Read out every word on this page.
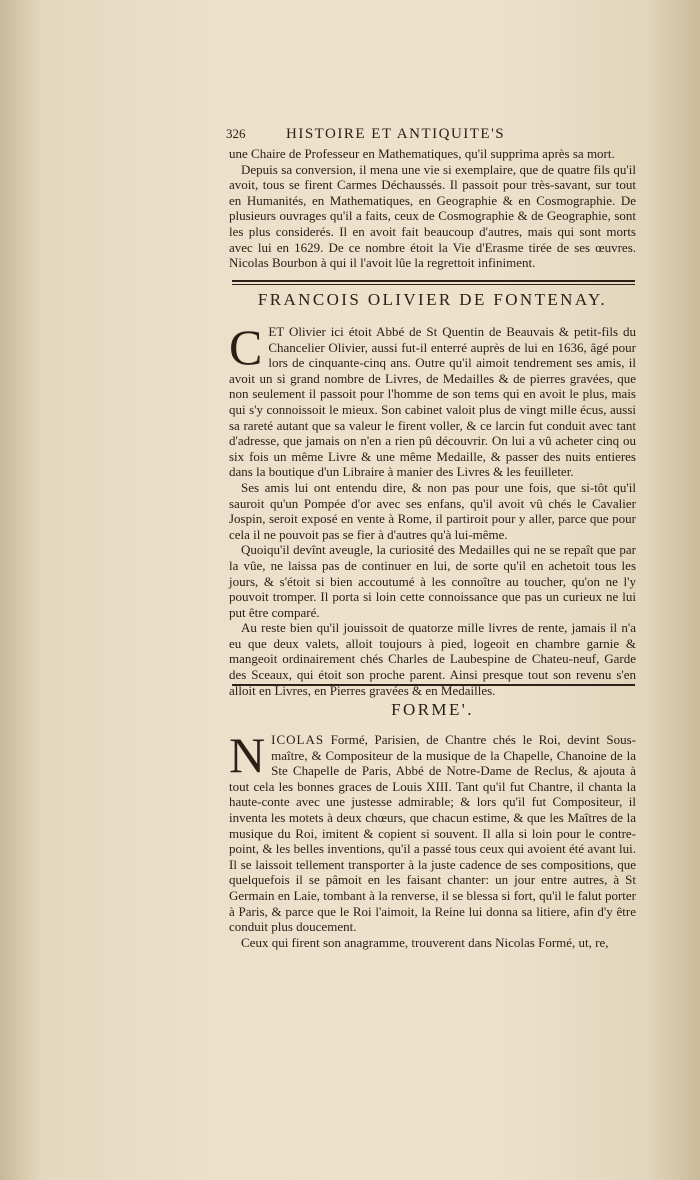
326	HISTOIRE ET ANTIQUITE'S

une Chaire de Professeur en Mathematiques, qu'il supprima après sa mort.

Depuis sa conversion, il mena une vie si exemplaire, que de quatre fils qu'il avoit, tous se firent Carmes Déchaussés. Il passoit pour très-savant, sur tout en Humanités, en Mathematiques, en Geographie & en Cosmographie. De plusieurs ouvrages qu'il a faits, ceux de Cosmographie & de Geographie, sont les plus considerés. Il en avoit fait beaucoup d'autres, mais qui sont morts avec lui en 1629. De ce nombre étoit la Vie d'Erasme tirée de ses œuvres. Nicolas Bourbon à qui il l'avoit lûe la regrettoit infiniment.

FRANCOIS OLIVIER DE FONTENAY.

CET Olivier ici étoit Abbé de St Quentin de Beauvais & petit-fils du Chancelier Olivier, aussi fut-il enterré auprès de lui en 1636, âgé pour lors de cinquante-cinq ans. Outre qu'il aimoit tendrement ses amis, il avoit un si grand nombre de Livres, de Medailles & de pierres gravées, que non seulement il passoit pour l'homme de son tems qui en avoit le plus, mais qui s'y connoissoit le mieux. Son cabinet valoit plus de vingt mille écus, aussi sa rareté autant que sa valeur le firent voller, & ce larcin fut conduit avec tant d'adresse, que jamais on n'en a rien pû découvrir. On lui a vû acheter cinq ou six fois un même Livre & une même Medaille, & passer des nuits entieres dans la boutique d'un Libraire à manier des Livres & les feuilleter.

Ses amis lui ont entendu dire, & non pas pour une fois, que si-tôt qu'il sauroit qu'un Pompée d'or avec ses enfans, qu'il avoit vû chés le Cavalier Jospin, seroit exposé en vente à Rome, il partiroit pour y aller, parce que pour cela il ne pouvoit pas se fier à d'autres qu'à lui-même.

Quoiqu'il devînt aveugle, la curiosité des Medailles qui ne se repaît que par la vûe, ne laissa pas de continuer en lui, de sorte qu'il en achetoit tous les jours, & s'étoit si bien accoutumé à les connoître au toucher, qu'on ne l'y pouvoit tromper. Il porta si loin cette connoissance que pas un curieux ne lui put être comparé.

Au reste bien qu'il jouissoit de quatorze mille livres de rente, jamais il n'a eu que deux valets, alloit toujours à pied, logeoit en chambre garnie & mangeoit ordinairement chés Charles de Laubespine de Chateu-neuf, Garde des Sceaux, qui étoit son proche parent. Ainsi presque tout son revenu s'en alloit en Livres, en Pierres gravées & en Medailles.

FORME'.

NICOLAS Formé, Parisien, de Chantre chés le Roi, devint Sous-maître, & Compositeur de la musique de la Chapelle, Chanoine de la Ste Chapelle de Paris, Abbé de Notre-Dame de Reclus, & ajouta à tout cela les bonnes graces de Louis XIII. Tant qu'il fut Chantre, il chanta la haute-conte avec une justesse admirable; & lors qu'il fut Compositeur, il inventa les motets à deux chœurs, que chacun estime, & que les Maîtres de la musique du Roi, imitent & copient si souvent. Il alla si loin pour le contre-point, & les belles inventions, qu'il a passé tous ceux qui avoient été avant lui. Il se laissoit tellement transporter à la juste cadence de ses compositions, que quelquefois il se pâmoit en les faisant chanter: un jour entre autres, à St Germain en Laie, tombant à la renverse, il se blessa si fort, qu'il le falut porter à Paris, & parce que le Roi l'aimoit, la Reine lui donna sa litiere, afin d'y être conduit plus doucement.

Ceux qui firent son anagramme, trouverent dans Nicolas Formé, ut, re,
